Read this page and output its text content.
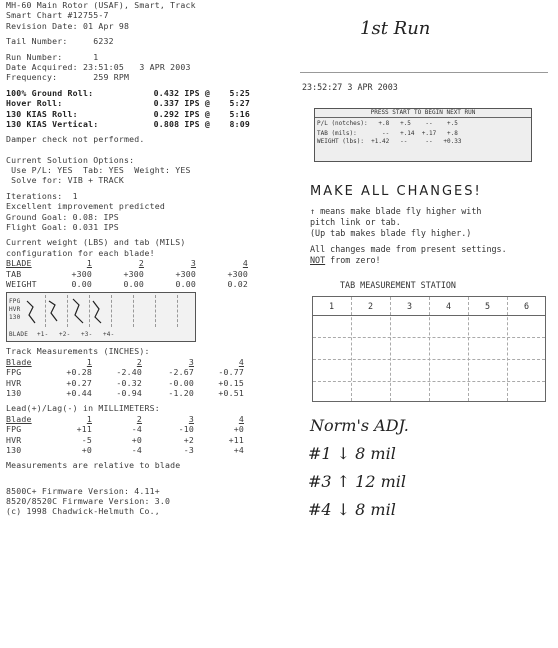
MH-60 Main Rotor (USAF), Smart, Track
Smart Chart #12755-7
Revision Date: 01 Apr 98
Tail Number:	6232
Run Number:	1
Date Acquired: 23:51:05   3 APR 2003
Frequency:	259 RPM
100% Ground Roll:	0.432 IPS @	5:25
Hover Roll:	0.337 IPS @	5:27
130 KIAS Roll:	0.292 IPS @	5:16
130 KIAS Vertical:	0.808 IPS @	8:09
Damper check not performed.
Current Solution Options:
Use P/L: YES  Tab: YES  Weight: YES
Solve for: VIB + TRACK
Iterations:  1
Excellent improvement predicted
Ground Goal: 0.08: IPS
Flight Goal: 0.031 IPS
Current weight (LBS) and tab (MILS)
configuration for each blade!
BLADE	1	2	3	4
TAB	+300	+300	+300	+300
WEIGHT	0.00	0.00	0.00	0.02
FPG
HVR
130
BLADE +1- +2- +3- +4-
Track Measurements (INCHES):
Blade	1	2	3	4
FPG	+0.28	-2.40	-2.67	-0.77
HVR	+0.27	-0.32	-0.00	+0.15
130	+0.44	-0.94	-1.20	+0.51
Lead(+)/Lag(-) in MILLIMETERS:
Blade	1	2	3	4
FPG	+11	-4	-10	+0
HVR	-5	+0	+2	+11
130	+0	-4	-3	+4
Measurements are relative to blade
8500C+ Firmware Version: 4.11+
8520/8520C Firmware Version: 3.0
(c) 1998 Chadwick-Helmuth Co.,
1st Run
23:52:27 3 APR 2003
PRESS START TO BEGIN NEXT RUN
P/L (notches):   +.8   +.5    --    +.5
TAB (mils):       --   +.14  +.17   +.8
WEIGHT (lbs):  +1.42   --     --   +0.33
MAKE ALL CHANGES!
↑ means make blade fly higher with
pitch link or tab.
(Up tab makes blade fly higher.)
All changes made from present settings.
NOT from zero!
TAB MEASUREMENT STATION
1	2	3	4	5	6
Norm's ADJ.
#1 ↓ 8 mil
#3 ↑ 12 mil
#4 ↓ 8 mil
